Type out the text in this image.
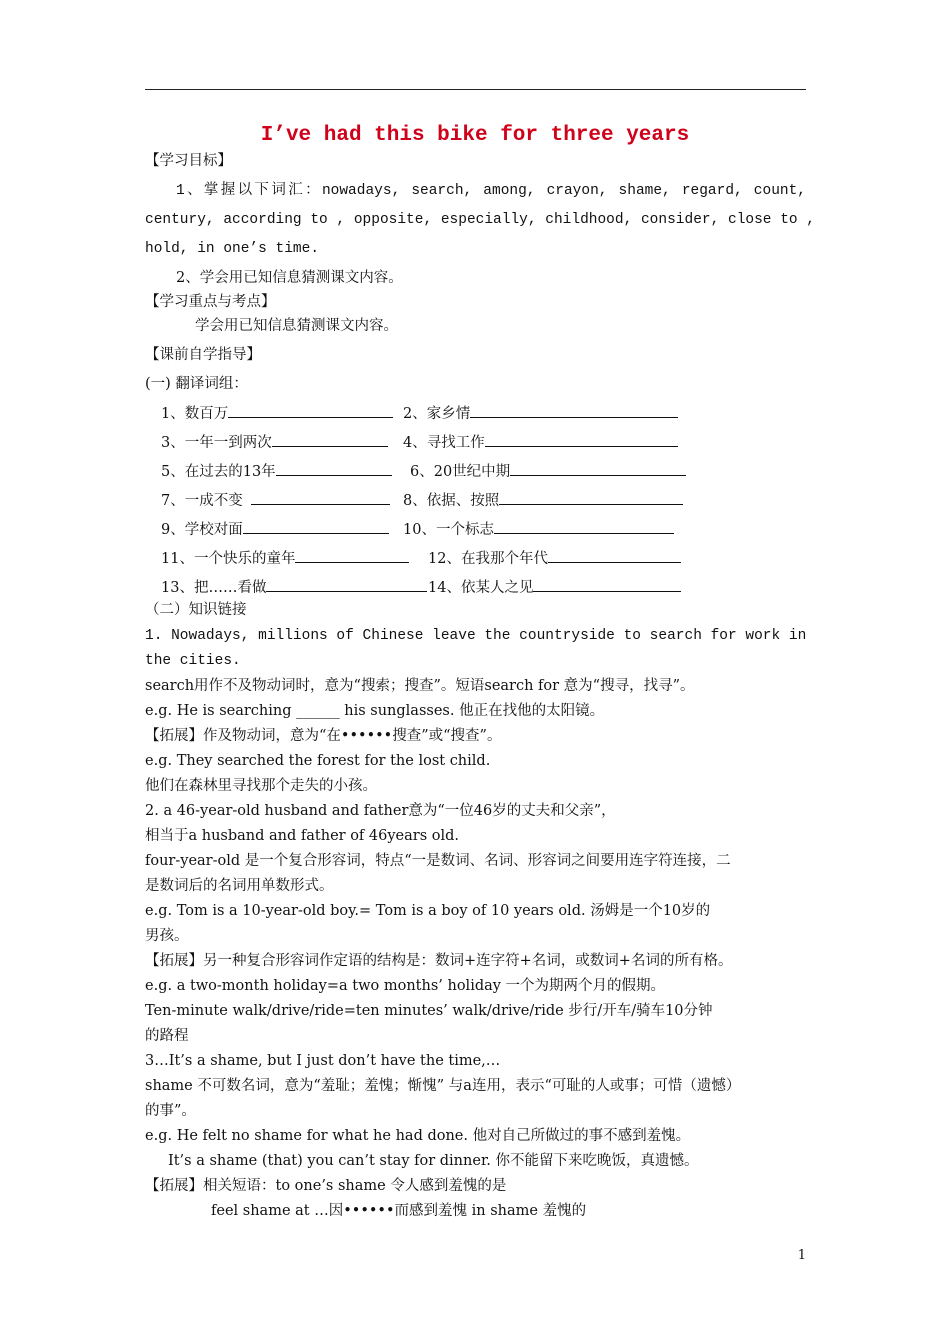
I’ve had this bike for three years
【学习目标】
1、掌握以下词汇：nowadays, search, among, crayon, shame, regard, count,
century, according to , opposite, especially, childhood, consider, close to ,
hold, in one’s time.
2、学会用已知信息猜测课文内容。
【学习重点与考点】
学会用已知信息猜测课文内容。
【课前自学指导】
(一) 翻译词组：
1、数百万	2、家乡情
3、一年一到两次	4、寻找工作
5、在过去的13年	6、20世纪中期
7、一成不变	8、依据、按照
9、学校对面	10、一个标志
11、一个快乐的童年	12、在我那个年代
13、把……看做	14、依某人之见
（二）知识链接
1. Nowadays, millions of Chinese leave the countryside to search for work in
the cities.
search用作不及物动词时，意为“搜索；搜查”。短语search for 意为“搜寻，找寻”。
e.g. He is searching ______ his sunglasses. 他正在找他的太阳镜。
【拓展】作及物动词，意为“在••••••搜查”或“搜查”。
e.g. They searched the forest for the lost child.
他们在森林里寻找那个走失的小孩。
2. a 46-year-old husband and father意为“一位46岁的丈夫和父亲”，
相当于a husband and father of 46years old.
four-year-old 是一个复合形容词，特点“一是数词、名词、形容词之间要用连字符连接，二
是数词后的名词用单数形式。
e.g. Tom is a 10-year-old boy.= Tom is a boy of 10 years old. 汤姆是一个10岁的
男孩。
【拓展】另一种复合形容词作定语的结构是：数词+连字符+名词，或数词+名词的所有格。
e.g. a two-month holiday=a two months’ holiday 一个为期两个月的假期。
Ten-minute walk/drive/ride=ten minutes’ walk/drive/ride 步行/开车/骑车10分钟
的路程
3…It’s a shame, but I just don’t have the time,…
shame 不可数名词，意为“羞耻；羞愧；惭愧” 与a连用，表示“可耻的人或事；可惜（遗憾）
的事”。
e.g. He felt no shame for what he had done. 他对自己所做过的事不感到羞愧。
It’s a shame (that) you can’t stay for dinner. 你不能留下来吃晚饭，真遗憾。
【拓展】相关短语：to one’s shame 令人感到羞愧的是
feel shame at …因••••••而感到羞愧 in shame 羞愧的
1
